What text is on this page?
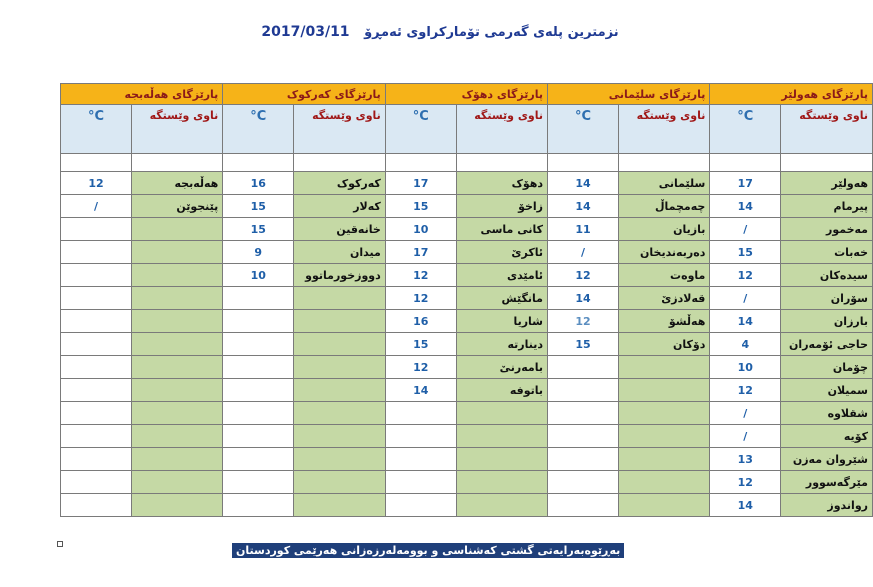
نزمترین پلەی گەرمی تۆمارکراوی ئەمڕۆ 2017/03/11
پارێزگای هەولێر		پارێزگای سلێمانی		پارێزگای دهۆک		پارێزگای کەرکوک		پارێزگای هەڵەبجە	
ناوی وێستگە	C°	ناوی وێستگە	C°	ناوی وێستگە	C°	ناوی وێستگە	C°	ناوی وێستگە	C°

هەولێر	17	سلێمانی	14	دهۆک	17	کەرکوک	16	هەڵەبجە	12
پیرمام	14	چەمچماڵ	14	زاخۆ	15	کەلار	15	پێنجوێن	/
مەخمور	/	بازیان	11	کانی ماسی	10	خانەقین	15		
خەبات	15	دەربەندیخان	/	ئاکرێ	17	میدان	9		
سیدەکان	12	ماوەت	12	ئامێدی	12	دووزخورماتوو	10		
سۆران	/	قەلادزێ	14	مانگێش	12				
بارزان	14	هەڵشۆ	12	شاریا	16				
حاجی ئۆمەران	4	دۆکان	15	دینارتە	15				
چۆمان	10			بامەرنێ	12				
سمیلان	12			باتوفە	14				
شقلاوە	/								
کۆیە	/								
شێروان مەزن	13								
مێرگەسوور	12								
رواندوز	14								
بەڕێوەبەرایەتی گشتی کەشناسی و بوومەلەرزەزانی هەرێمی کوردستان
